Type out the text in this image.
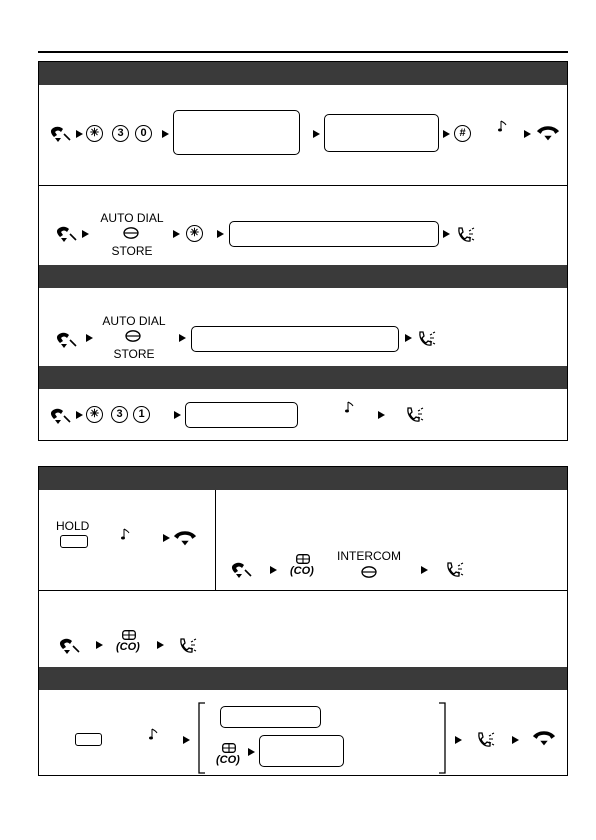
✳	3	0	#
AUTO DIAL
STORE
✳
AUTO DIAL
STORE
✳	3	1
HOLD
(CO)
INTERCOM
(CO)
(CO)
